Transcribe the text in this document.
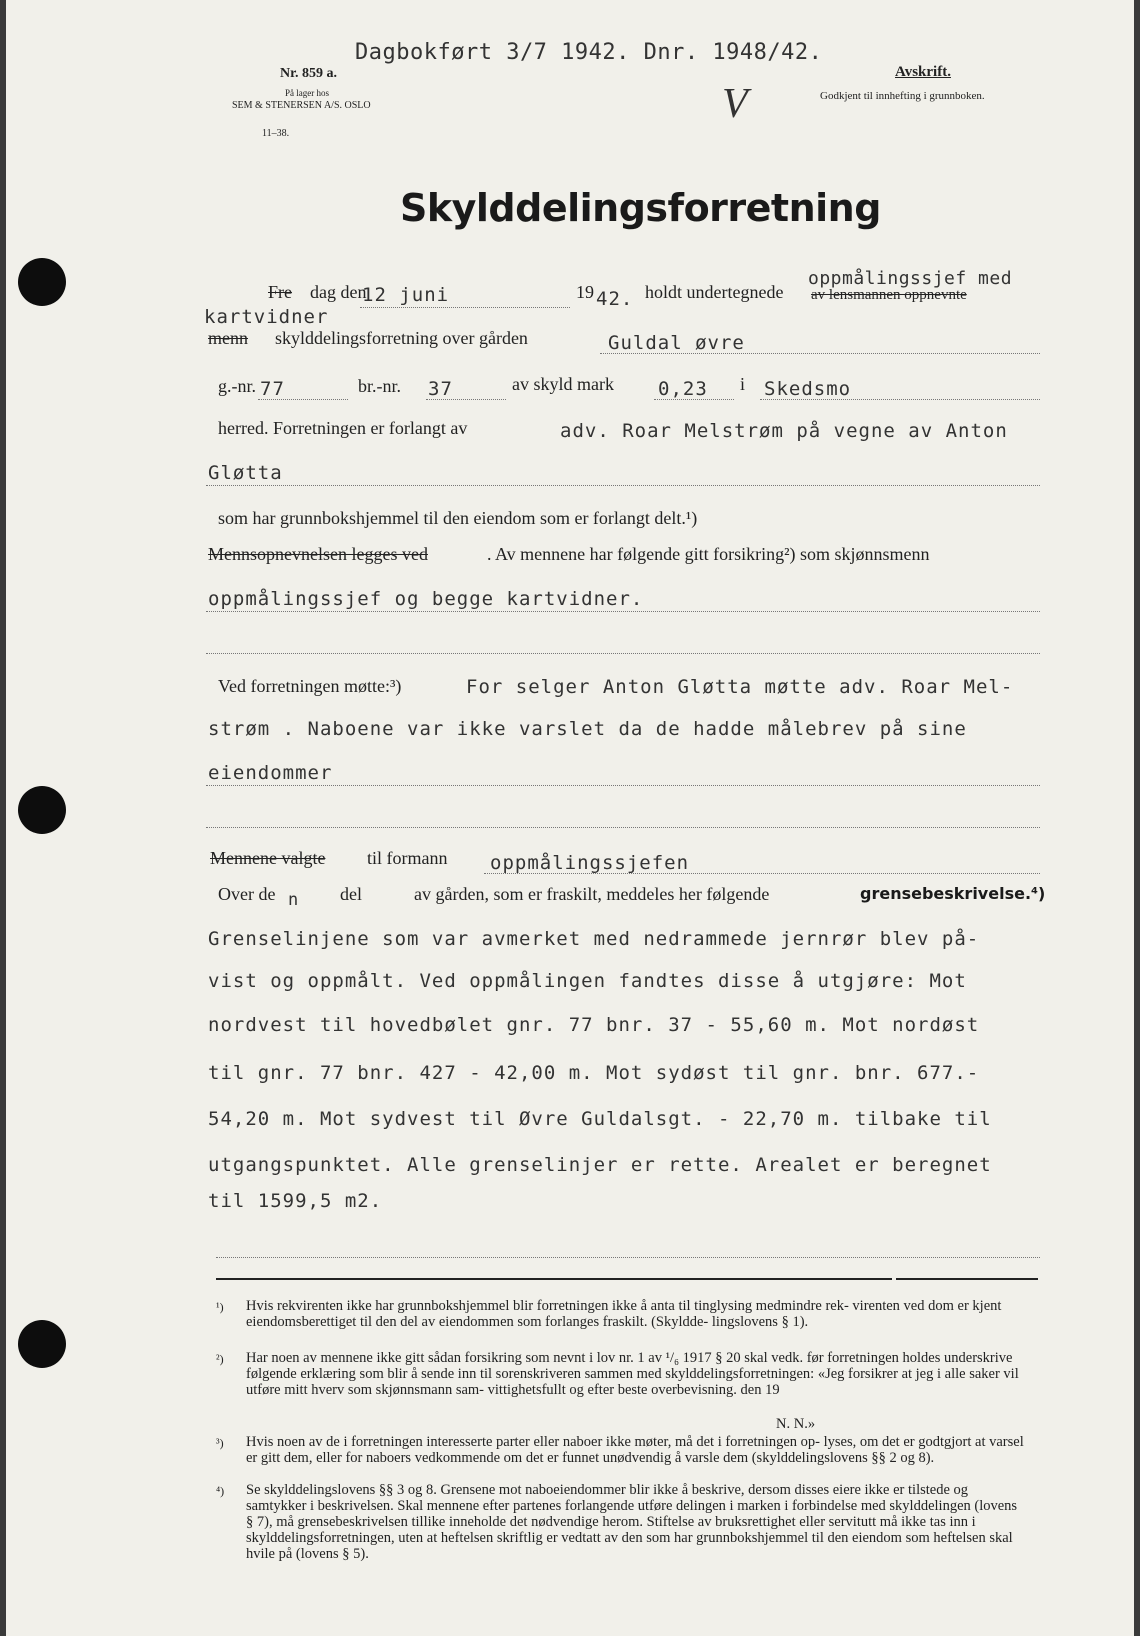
Nr. 859 a.
På lager hos
SEM & STENERSEN A/S. OSLO
11–38.
Dagbokført 3/7 1942. Dnr. 1948/42.
V
Avskrift.
Godkjent til innhefting i grunnboken.
Skylddelingsforretning
Fre dag den
12 juni	19 42. holdt undertegnede
oppmålingssjef med
av lensmannen oppnevnte
kartvidner
menn skylddelingsforretning over gården	Guldal øvre
g.-nr. 77	br.-nr. 37	av skyld mark 0,23 i Skedsmo
herred. Forretningen er forlangt av	adv. Roar Melstrøm på vegne av Anton
Gløtta
som har grunnbokshjemmel til den eiendom som er forlangt delt.¹)
Mennsopnevnelsen legges ved	. Av mennene har følgende gitt forsikring²) som skjønnsmenn
oppmålingssjef og begge kartvidner.
Ved forretningen møtte:³)	For selger Anton Gløtta møtte adv. Roar Mel-
strøm . Naboene var ikke varslet da de hadde målebrev på sine
eiendommer
Mennene valgte til formann oppmålingssjefen
Over de n del	av gården, som er fraskilt, meddeles her følgende	grensebeskrivelse.⁴)
Grenselinjene som var avmerket med nedrammede jernrør blev på-
vist og oppmålt. Ved oppmålingen fandtes disse å utgjøre: Mot
nordvest til hovedbølet gnr. 77 bnr. 37 - 55,60 m. Mot nordøst
til gnr. 77 bnr. 427 - 42,00 m. Mot sydøst til gnr. bnr. 677.-
54,20 m. Mot sydvest til Øvre Guldalsgt. - 22,70 m. tilbake til
utgangspunktet. Alle grenselinjer er rette. Arealet er beregnet
til 1599,5 m2.
¹) Hvis rekvirenten ikke har grunnbokshjemmel blir forretningen ikke å anta til tinglysing medmindre rek- virenten ved dom er kjent eiendomsberettiget til den del av eiendommen som forlanges fraskilt. (Skyldde- lingslovens § 1).
²) Har noen av mennene ikke gitt sådan forsikring som nevnt i lov nr. 1 av ¹/₆ 1917 § 20 skal vedk. før forretningen holdes underskrive følgende erklæring som blir å sende inn til sorenskriveren sammen med skylddelingsforretningen: «Jeg forsikrer at jeg i alle saker vil utføre mitt hverv som skjønnsmann sam- vittighetsfullt og efter beste overbevisning. den 19
N. N.»
³) Hvis noen av de i forretningen interesserte parter eller naboer ikke møter, må det i forretningen op- lyses, om det er godtgjort at varsel er gitt dem, eller for naboers vedkommende om det er funnet unødvendig å varsle dem (skylddelingslovens §§ 2 og 8).
⁴) Se skylddelingslovens §§ 3 og 8. Grensene mot naboeiendommer blir ikke å beskrive, dersom disses eiere ikke er tilstede og samtykker i beskrivelsen. Skal mennene efter partenes forlangende utføre delingen i marken i forbindelse med skylddelingen (lovens § 7), må grensebeskrivelsen tillike inneholde det nødvendige herom. Stiftelse av bruksrettighet eller servitutt må ikke tas inn i skylddelingsforretningen, uten at heftelsen skriftlig er vedtatt av den som har grunnbokshjemmel til den eiendom som heftelsen skal hvile på (lovens § 5).
